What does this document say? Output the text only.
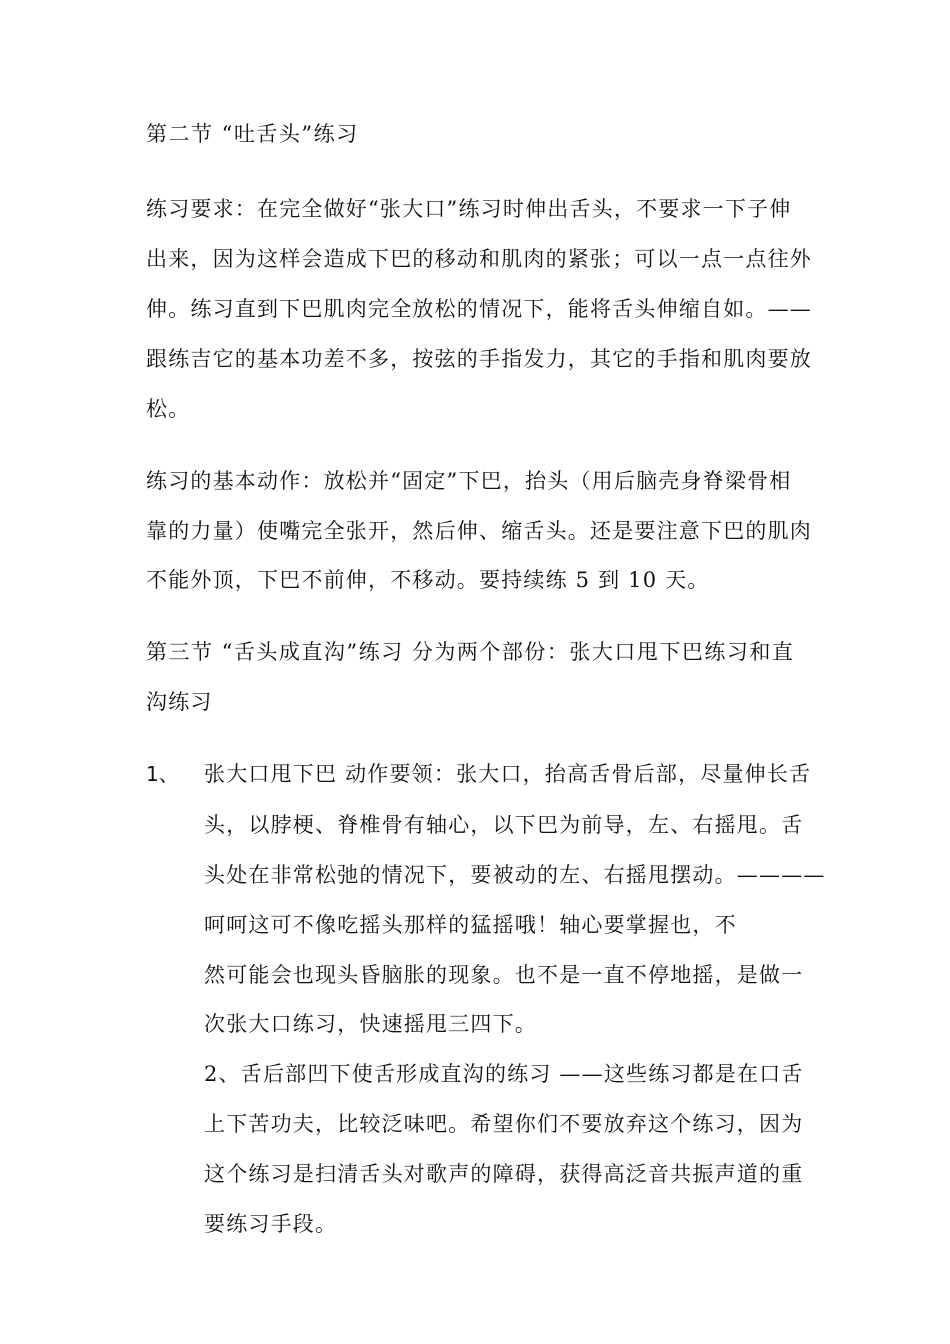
第二节 “吐舌头”练习
练习要求：在完全做好“张大口”练习时伸出舌头，不要求一下子伸
出来，因为这样会造成下巴的移动和肌肉的紧张；可以一点一点往外
伸。练习直到下巴肌肉完全放松的情况下，能将舌头伸缩自如。——
跟练吉它的基本功差不多，按弦的手指发力，其它的手指和肌肉要放
松。
练习的基本动作：放松并“固定”下巴，抬头（用后脑壳身脊梁骨相
靠的力量）使嘴完全张开，然后伸、缩舌头。还是要注意下巴的肌肉
不能外顶，下巴不前伸，不移动。要持续练 5 到 10 天。
第三节 “舌头成直沟”练习 分为两个部份：张大口甩下巴练习和直
沟练习
1、 张大口甩下巴 动作要领：张大口，抬高舌骨后部，尽量伸长舌
头，以脖梗、脊椎骨有轴心，以下巴为前导，左、右摇甩。舌
头处在非常松弛的情况下，要被动的左、右摇甩摆动。————
呵呵这可不像吃摇头那样的猛摇哦！轴心要掌握也，不
然可能会也现头昏脑胀的现象。也不是一直不停地摇，是做一
次张大口练习，快速摇甩三四下。
2、舌后部凹下使舌形成直沟的练习 ——这些练习都是在口舌
上下苦功夫，比较泛味吧。希望你们不要放弃这个练习，因为
这个练习是扫清舌头对歌声的障碍，获得高泛音共振声道的重
要练习手段。
